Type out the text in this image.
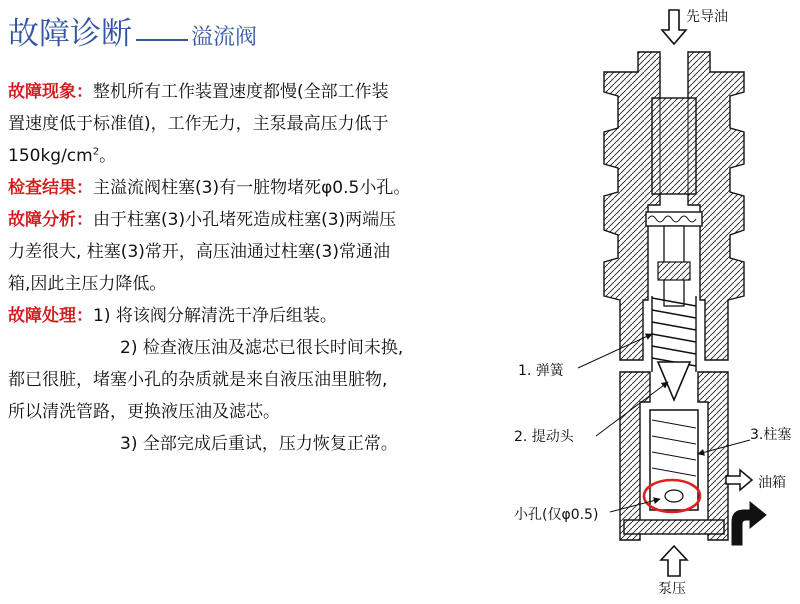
故障诊断	溢流阀

故障现象：整机所有工作装置速度都慢(全部工作装
置速度低于标准值)，工作无力，主泵最高压力低于
$150kg/cm^2$。

检查结果：主溢流阀柱塞(3)有一脏物堵死φ0.5小孔。

故障分析：由于柱塞(3)小孔堵死造成柱塞(3)两端压
力差很大, 柱塞(3)常开，高压油通过柱塞(3)常通油
箱,因此主压力降低。

故障处理：1) 将该阀分解清洗干净后组装。
2) 检查液压油及滤芯已很长时间未换,
都已很脏，堵塞小孔的杂质就是来自液压油里脏物,
所以清洗管路，更换液压油及滤芯。
3) 全部完成后重试，压力恢复正常。

先导油
1. 弹簧
2. 提动头	3.柱塞
油箱
小孔(仅φ0.5)
泵压
